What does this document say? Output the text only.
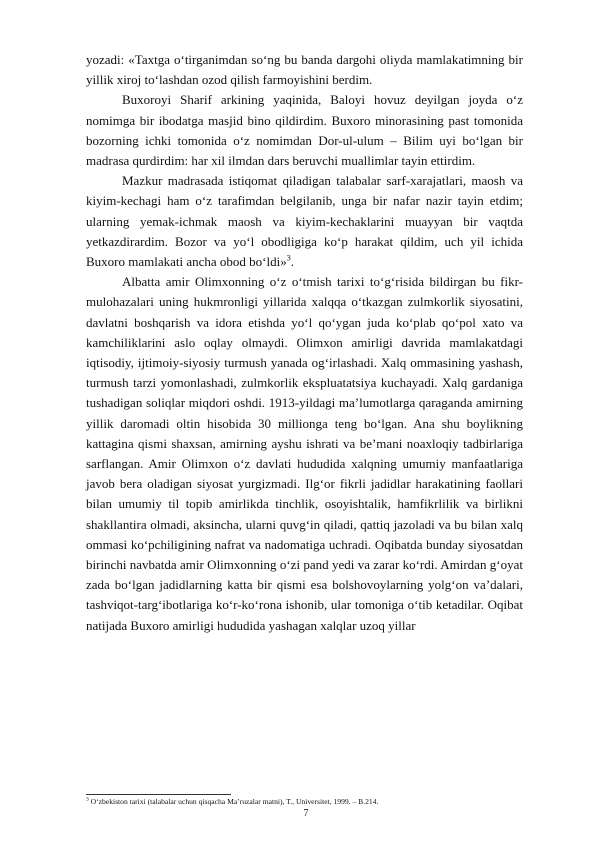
yozadi: «Taxtga o‘tirganimdan so‘ng bu banda dargohi oliyda mamlakatimning bir yillik xiroj to‘lashdan ozod qilish farmoyishini berdim.

Buxoroyi Sharif arkining yaqinida, Baloyi hovuz deyilgan joyda o‘z nomimga bir ibodatga masjid bino qildirdim. Buxoro minorasining past tomonida bozorning ichki tomonida o‘z nomimdan Dor-ul-ulum – Bilim uyi bo‘lgan bir madrasa qurdirdim: har xil ilmdan dars beruvchi muallimlar tayin ettirdim.

Mazkur madrasada istiqomat qiladigan talabalar sarf-xarajatlari, maosh va kiyim-kechagi ham o‘z tarafimdan belgilanib, unga bir nafar nazir tayin etdim; ularning yemak-ichmak maosh va kiyim-kechaklarini muayyan bir vaqtda yetkazdirardim. Bozor va yo‘l obodligiga ko‘p harakat qildim, uch yil ichida Buxoro mamlakati ancha obod bo‘ldi»$^3$.

Albatta amir Olimxonning o‘z o‘tmish tarixi to‘g‘risida bildirgan bu fikr-mulohazalari uning hukmronligi yillarida xalqqa o‘tkazgan zulmkorlik siyosatini, davlatni boshqarish va idora etishda yo‘l qo‘ygan juda ko‘plab qo‘pol xato va kamchiliklarini aslo oqlay olmaydi. Olimxon amirligi davrida mamlakatdagi iqtisodiy, ijtimoiy-siyosiy turmush yanada og‘irlashadi. Xalq ommasining yashash, turmush tarzi yomonlashadi, zulmkorlik ekspluatatsiya kuchayadi. Xalq gardaniga tushadigan soliqlar miqdori oshdi. 1913-yildagi ma’lumotlarga qaraganda amirning yillik daromadi oltin hisobida 30 millionga teng bo‘lgan. Ana shu boylikning kattagina qismi shaxsan, amirning ayshu ishrati va be’mani noaxloqiy tadbirlariga sarflangan. Amir Olimxon o‘z davlati hududida xalqning umumiy manfaatlariga javob bera oladigan siyosat yurgizmadi. Ilg‘or fikrli jadidlar harakatining faollari bilan umumiy til topib amirlikda tinchlik, osoyishtalik, hamfikrlilik va birlikni shakllantira olmadi, aksincha, ularni quvg‘in qiladi, qattiq jazoladi va bu bilan xalq ommasi ko‘pchiligining nafrat va nadomatiga uchradi. Oqibatda bunday siyosatdan birinchi navbatda amir Olimxonning o‘zi pand yedi va zarar ko‘rdi. Amirdan g‘oyat zada bo‘lgan jadidlarning katta bir qismi esa bolshovoylarning yolg‘on va’dalari, tashviqot-targ‘ibotlariga ko‘r-ko‘rona ishonib, ular tomoniga o‘tib ketadilar. Oqibat natijada Buxoro amirligi hududida yashagan xalqlar uzoq yillar

$^3$ O‘zbekiston tarixi (talabalar uchun qisqacha Ma’ruzalar matni), T., Universitet, 1999. – B.214.

7
